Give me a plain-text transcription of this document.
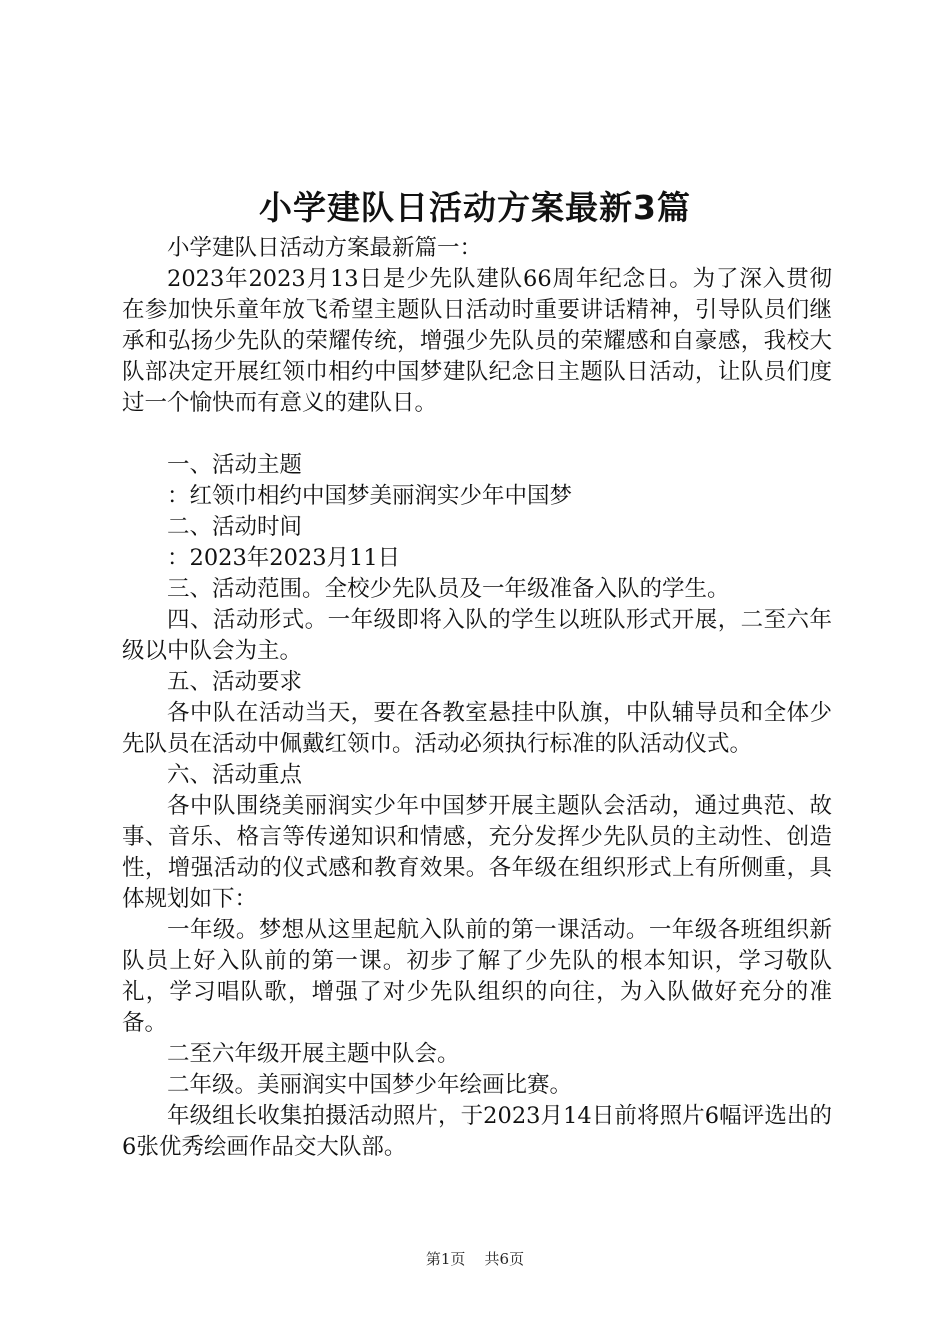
小学建队日活动方案最新3篇

小学建队日活动方案最新篇一：

2023年2023月13日是少先队建队66周年纪念日。为了深入贯彻在参加快乐童年放飞希望主题队日活动时重要讲话精神，引导队员们继承和弘扬少先队的荣耀传统，增强少先队员的荣耀感和自豪感，我校大队部决定开展红领巾相约中国梦建队纪念日主题队日活动，让队员们度过一个愉快而有意义的建队日。

一、活动主题

：红领巾相约中国梦美丽润实少年中国梦

二、活动时间

：2023年2023月11日

三、活动范围。全校少先队员及一年级准备入队的学生。

四、活动形式。一年级即将入队的学生以班队形式开展，二至六年级以中队会为主。

五、活动要求

各中队在活动当天，要在各教室悬挂中队旗，中队辅导员和全体少先队员在活动中佩戴红领巾。活动必须执行标准的队活动仪式。

六、活动重点

各中队围绕美丽润实少年中国梦开展主题队会活动，通过典范、故事、音乐、格言等传递知识和情感，充分发挥少先队员的主动性、创造性，增强活动的仪式感和教育效果。各年级在组织形式上有所侧重，具体规划如下：

一年级。梦想从这里起航入队前的第一课活动。一年级各班组织新队员上好入队前的第一课。初步了解了少先队的根本知识，学习敬队礼，学习唱队歌，增强了对少先队组织的向往，为入队做好充分的准备。

二至六年级开展主题中队会。

二年级。美丽润实中国梦少年绘画比赛。

年级组长收集拍摄活动照片，于2023月14日前将照片6幅评选出的6张优秀绘画作品交大队部。

第1页 共6页
